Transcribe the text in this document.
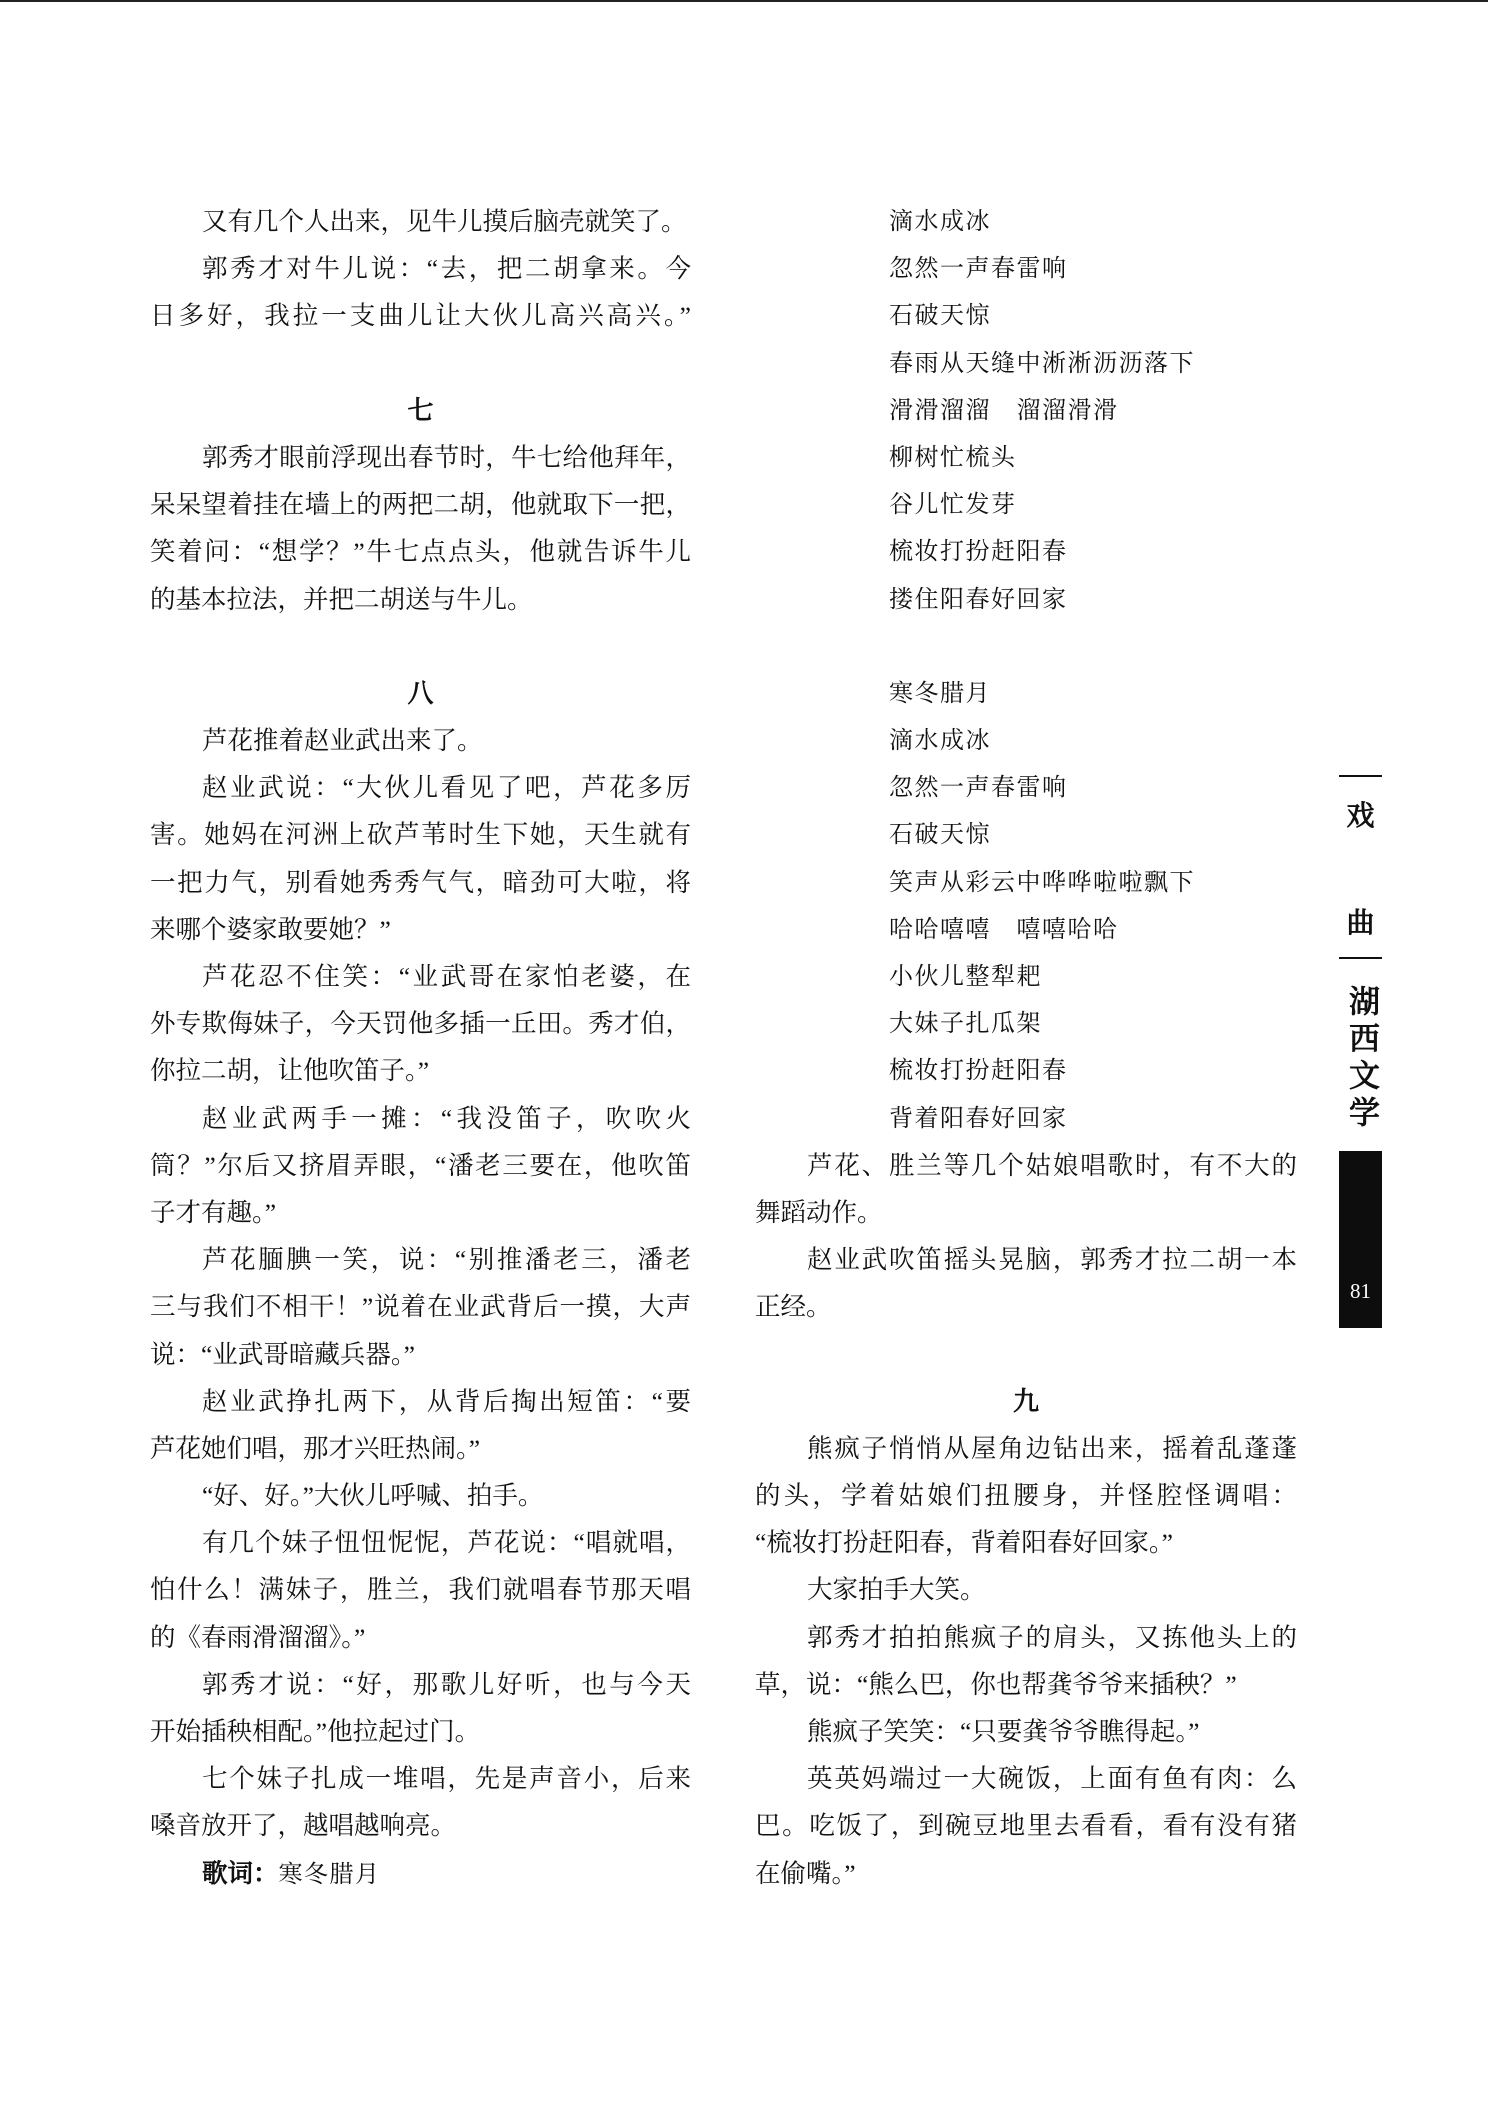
又有几个人出来，见牛儿摸后脑壳就笑了。
郭秀才对牛儿说：“去，把二胡拿来。今
日多好，我拉一支曲儿让大伙儿高兴高兴。”
七
郭秀才眼前浮现出春节时，牛七给他拜年，
呆呆望着挂在墙上的两把二胡，他就取下一把，
笑着问：“想学？”牛七点点头，他就告诉牛儿
的基本拉法，并把二胡送与牛儿。
八
芦花推着赵业武出来了。
赵业武说：“大伙儿看见了吧，芦花多厉
害。她妈在河洲上砍芦苇时生下她，天生就有
一把力气，别看她秀秀气气，暗劲可大啦，将
来哪个婆家敢要她？”
芦花忍不住笑：“业武哥在家怕老婆，在
外专欺侮妹子，今天罚他多插一丘田。秀才伯，
你拉二胡，让他吹笛子。”
赵业武两手一摊：“我没笛子，吹吹火
筒？”尔后又挤眉弄眼，“潘老三要在，他吹笛
子才有趣。”
芦花腼腆一笑，说：“别推潘老三，潘老
三与我们不相干！”说着在业武背后一摸，大声
说：“业武哥暗藏兵器。”
赵业武挣扎两下，从背后掏出短笛：“要
芦花她们唱，那才兴旺热闹。”
“好、好。”大伙儿呼喊、拍手。
有几个妹子忸忸怩怩，芦花说：“唱就唱，
怕什么！满妹子，胜兰，我们就唱春节那天唱
的《春雨滑溜溜》。”
郭秀才说：“好，那歌儿好听，也与今天
开始插秧相配。”他拉起过门。
七个妹子扎成一堆唱，先是声音小，后来
嗓音放开了，越唱越响亮。
歌词：寒冬腊月
滴水成冰
忽然一声春雷响
石破天惊
春雨从天缝中淅淅沥沥落下
滑滑溜溜　溜溜滑滑
柳树忙梳头
谷儿忙发芽
梳妆打扮赶阳春
搂住阳春好回家
寒冬腊月
滴水成冰
忽然一声春雷响
石破天惊
笑声从彩云中哗哗啦啦飘下
哈哈嘻嘻　嘻嘻哈哈
小伙儿整犁耙
大妹子扎瓜架
梳妆打扮赶阳春
背着阳春好回家
芦花、胜兰等几个姑娘唱歌时，有不大的
舞蹈动作。
赵业武吹笛摇头晃脑，郭秀才拉二胡一本
正经。
九
熊疯子悄悄从屋角边钻出来，摇着乱蓬蓬
的头，学着姑娘们扭腰身，并怪腔怪调唱：
“梳妆打扮赶阳春，背着阳春好回家。”
大家拍手大笑。
郭秀才拍拍熊疯子的肩头，又拣他头上的
草，说：“熊么巴，你也帮龚爷爷来插秧？”
熊疯子笑笑：“只要龚爷爷瞧得起。”
英英妈端过一大碗饭，上面有鱼有肉：么
巴。吃饭了，到碗豆地里去看看，看有没有猪
在偷嘴。”
戏
曲
湖西文学
81
